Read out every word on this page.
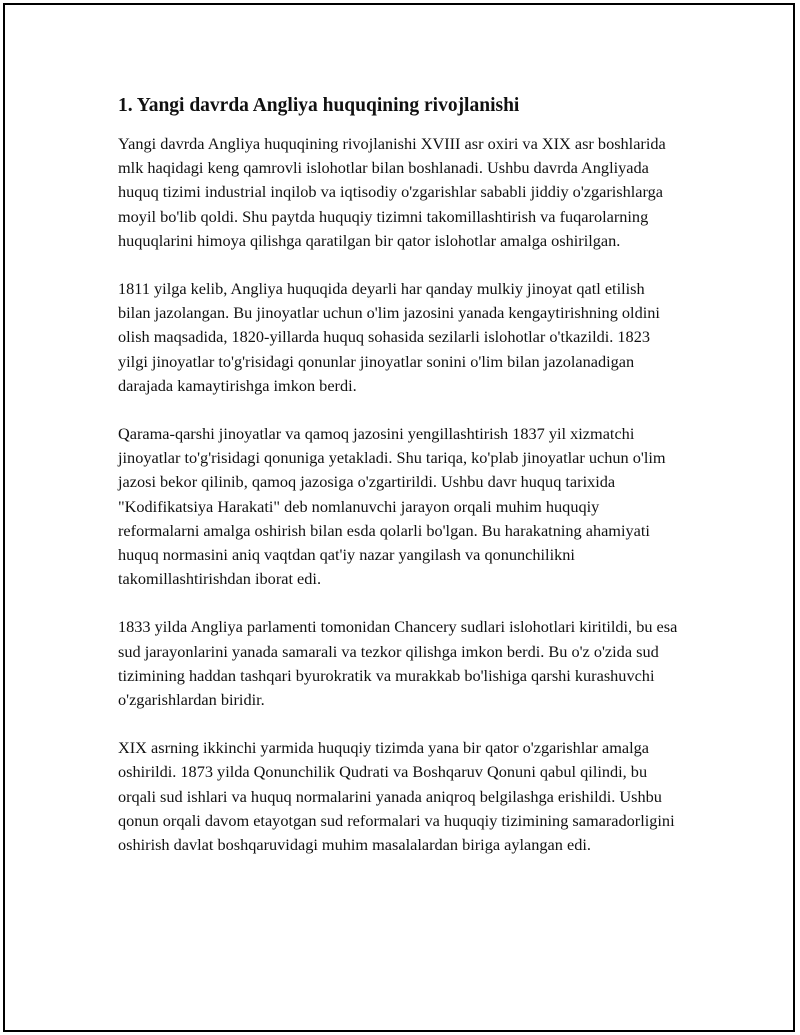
1. Yangi davrda Angliya huquqining rivojlanishi

Yangi davrda Angliya huquqining rivojlanishi XVIII asr oxiri va XIX asr boshlarida mlk haqidagi keng qamrovli islohotlar bilan boshlanadi. Ushbu davrda Angliyada huquq tizimi industrial inqilob va iqtisodiy o'zgarishlar sababli jiddiy o'zgarishlarga moyil bo'lib qoldi. Shu paytda huquqiy tizimni takomillashtirish va fuqarolarning huquqlarini himoya qilishga qaratilgan bir qator islohotlar amalga oshirilgan.

1811 yilga kelib, Angliya huquqida deyarli har qanday mulkiy jinoyat qatl etilish bilan jazolangan. Bu jinoyatlar uchun o'lim jazosini yanada kengaytirishning oldini olish maqsadida, 1820-yillarda huquq sohasida sezilarli islohotlar o'tkazildi. 1823 yilgi jinoyatlar to'g'risidagi qonunlar jinoyatlar sonini o'lim bilan jazolanadigan darajada kamaytirishga imkon berdi.

Qarama-qarshi jinoyatlar va qamoq jazosini yengillashtirish 1837 yil xizmatchi jinoyatlar to'g'risidagi qonuniga yetakladi. Shu tariqa, ko'plab jinoyatlar uchun o'lim jazosi bekor qilinib, qamoq jazosiga o'zgartirildi. Ushbu davr huquq tarixida "Kodifikatsiya Harakati" deb nomlanuvchi jarayon orqali muhim huquqiy reformalarni amalga oshirish bilan esda qolarli bo'lgan. Bu harakatning ahamiyati huquq normasini aniq vaqtdan qat'iy nazar yangilash va qonunchilikni takomillashtirishdan iborat edi.

1833 yilda Angliya parlamenti tomonidan Chancery sudlari islohotlari kiritildi, bu esa sud jarayonlarini yanada samarali va tezkor qilishga imkon berdi. Bu o'z o'zida sud tizimining haddan tashqari byurokratik va murakkab bo'lishiga qarshi kurashuvchi o'zgarishlardan biridir.

XIX asrning ikkinchi yarmida huquqiy tizimda yana bir qator o'zgarishlar amalga oshirildi. 1873 yilda Qonunchilik Qudrati va Boshqaruv Qonuni qabul qilindi, bu orqali sud ishlari va huquq normalarini yanada aniqroq belgilashga erishildi. Ushbu qonun orqali davom etayotgan sud reformalari va huquqiy tizimining samaradorligini oshirish davlat boshqaruvidagi muhim masalalardan biriga aylangan edi.
